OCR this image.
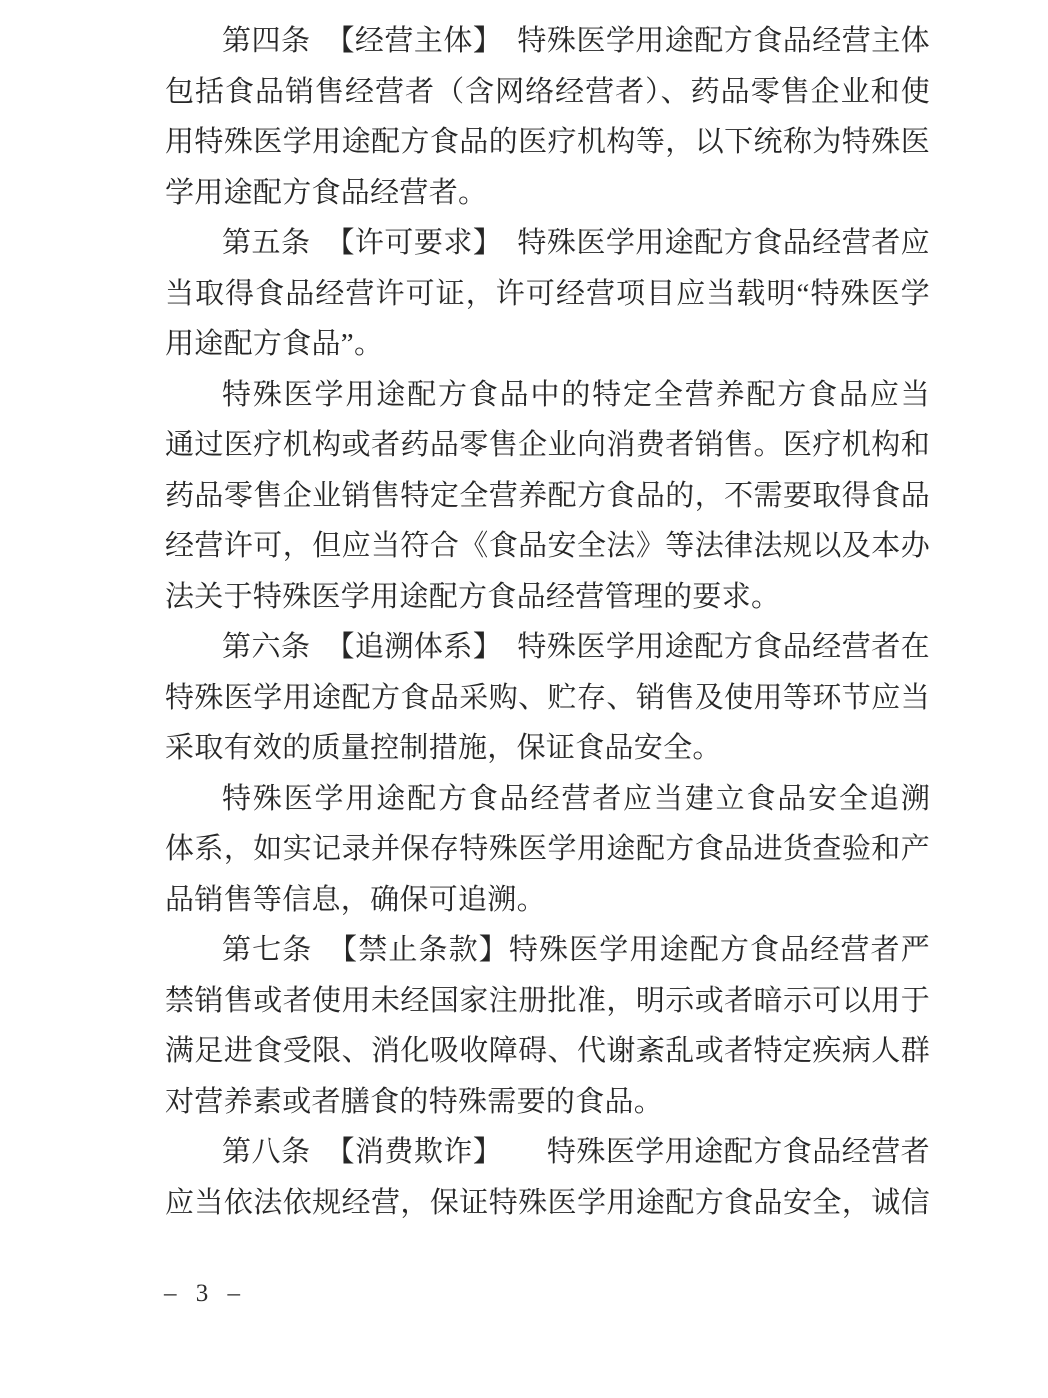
第四条　【经营主体】　特殊医学用途配方食品经营主体
包括食品销售经营者（含网络经营者）、药品零售企业和使
用特殊医学用途配方食品的医疗机构等，以下统称为特殊医
学用途配方食品经营者。
第五条　【许可要求】　特殊医学用途配方食品经营者应
当取得食品经营许可证，许可经营项目应当载明“特殊医学
用途配方食品”。
特殊医学用途配方食品中的特定全营养配方食品应当
通过医疗机构或者药品零售企业向消费者销售。医疗机构和
药品零售企业销售特定全营养配方食品的，不需要取得食品
经营许可，但应当符合《食品安全法》等法律法规以及本办
法关于特殊医学用途配方食品经营管理的要求。
第六条　【追溯体系】　特殊医学用途配方食品经营者在
特殊医学用途配方食品采购、贮存、销售及使用等环节应当
采取有效的质量控制措施，保证食品安全。
特殊医学用途配方食品经营者应当建立食品安全追溯
体系，如实记录并保存特殊医学用途配方食品进货查验和产
品销售等信息，确保可追溯。
第七条　【禁止条款】特殊医学用途配方食品经营者严
禁销售或者使用未经国家注册批准，明示或者暗示可以用于
满足进食受限、消化吸收障碍、代谢紊乱或者特定疾病人群
对营养素或者膳食的特殊需要的食品。
第八条　【消费欺诈】　　特殊医学用途配方食品经营者
应当依法依规经营，保证特殊医学用途配方食品安全，诚信
– 3 –
